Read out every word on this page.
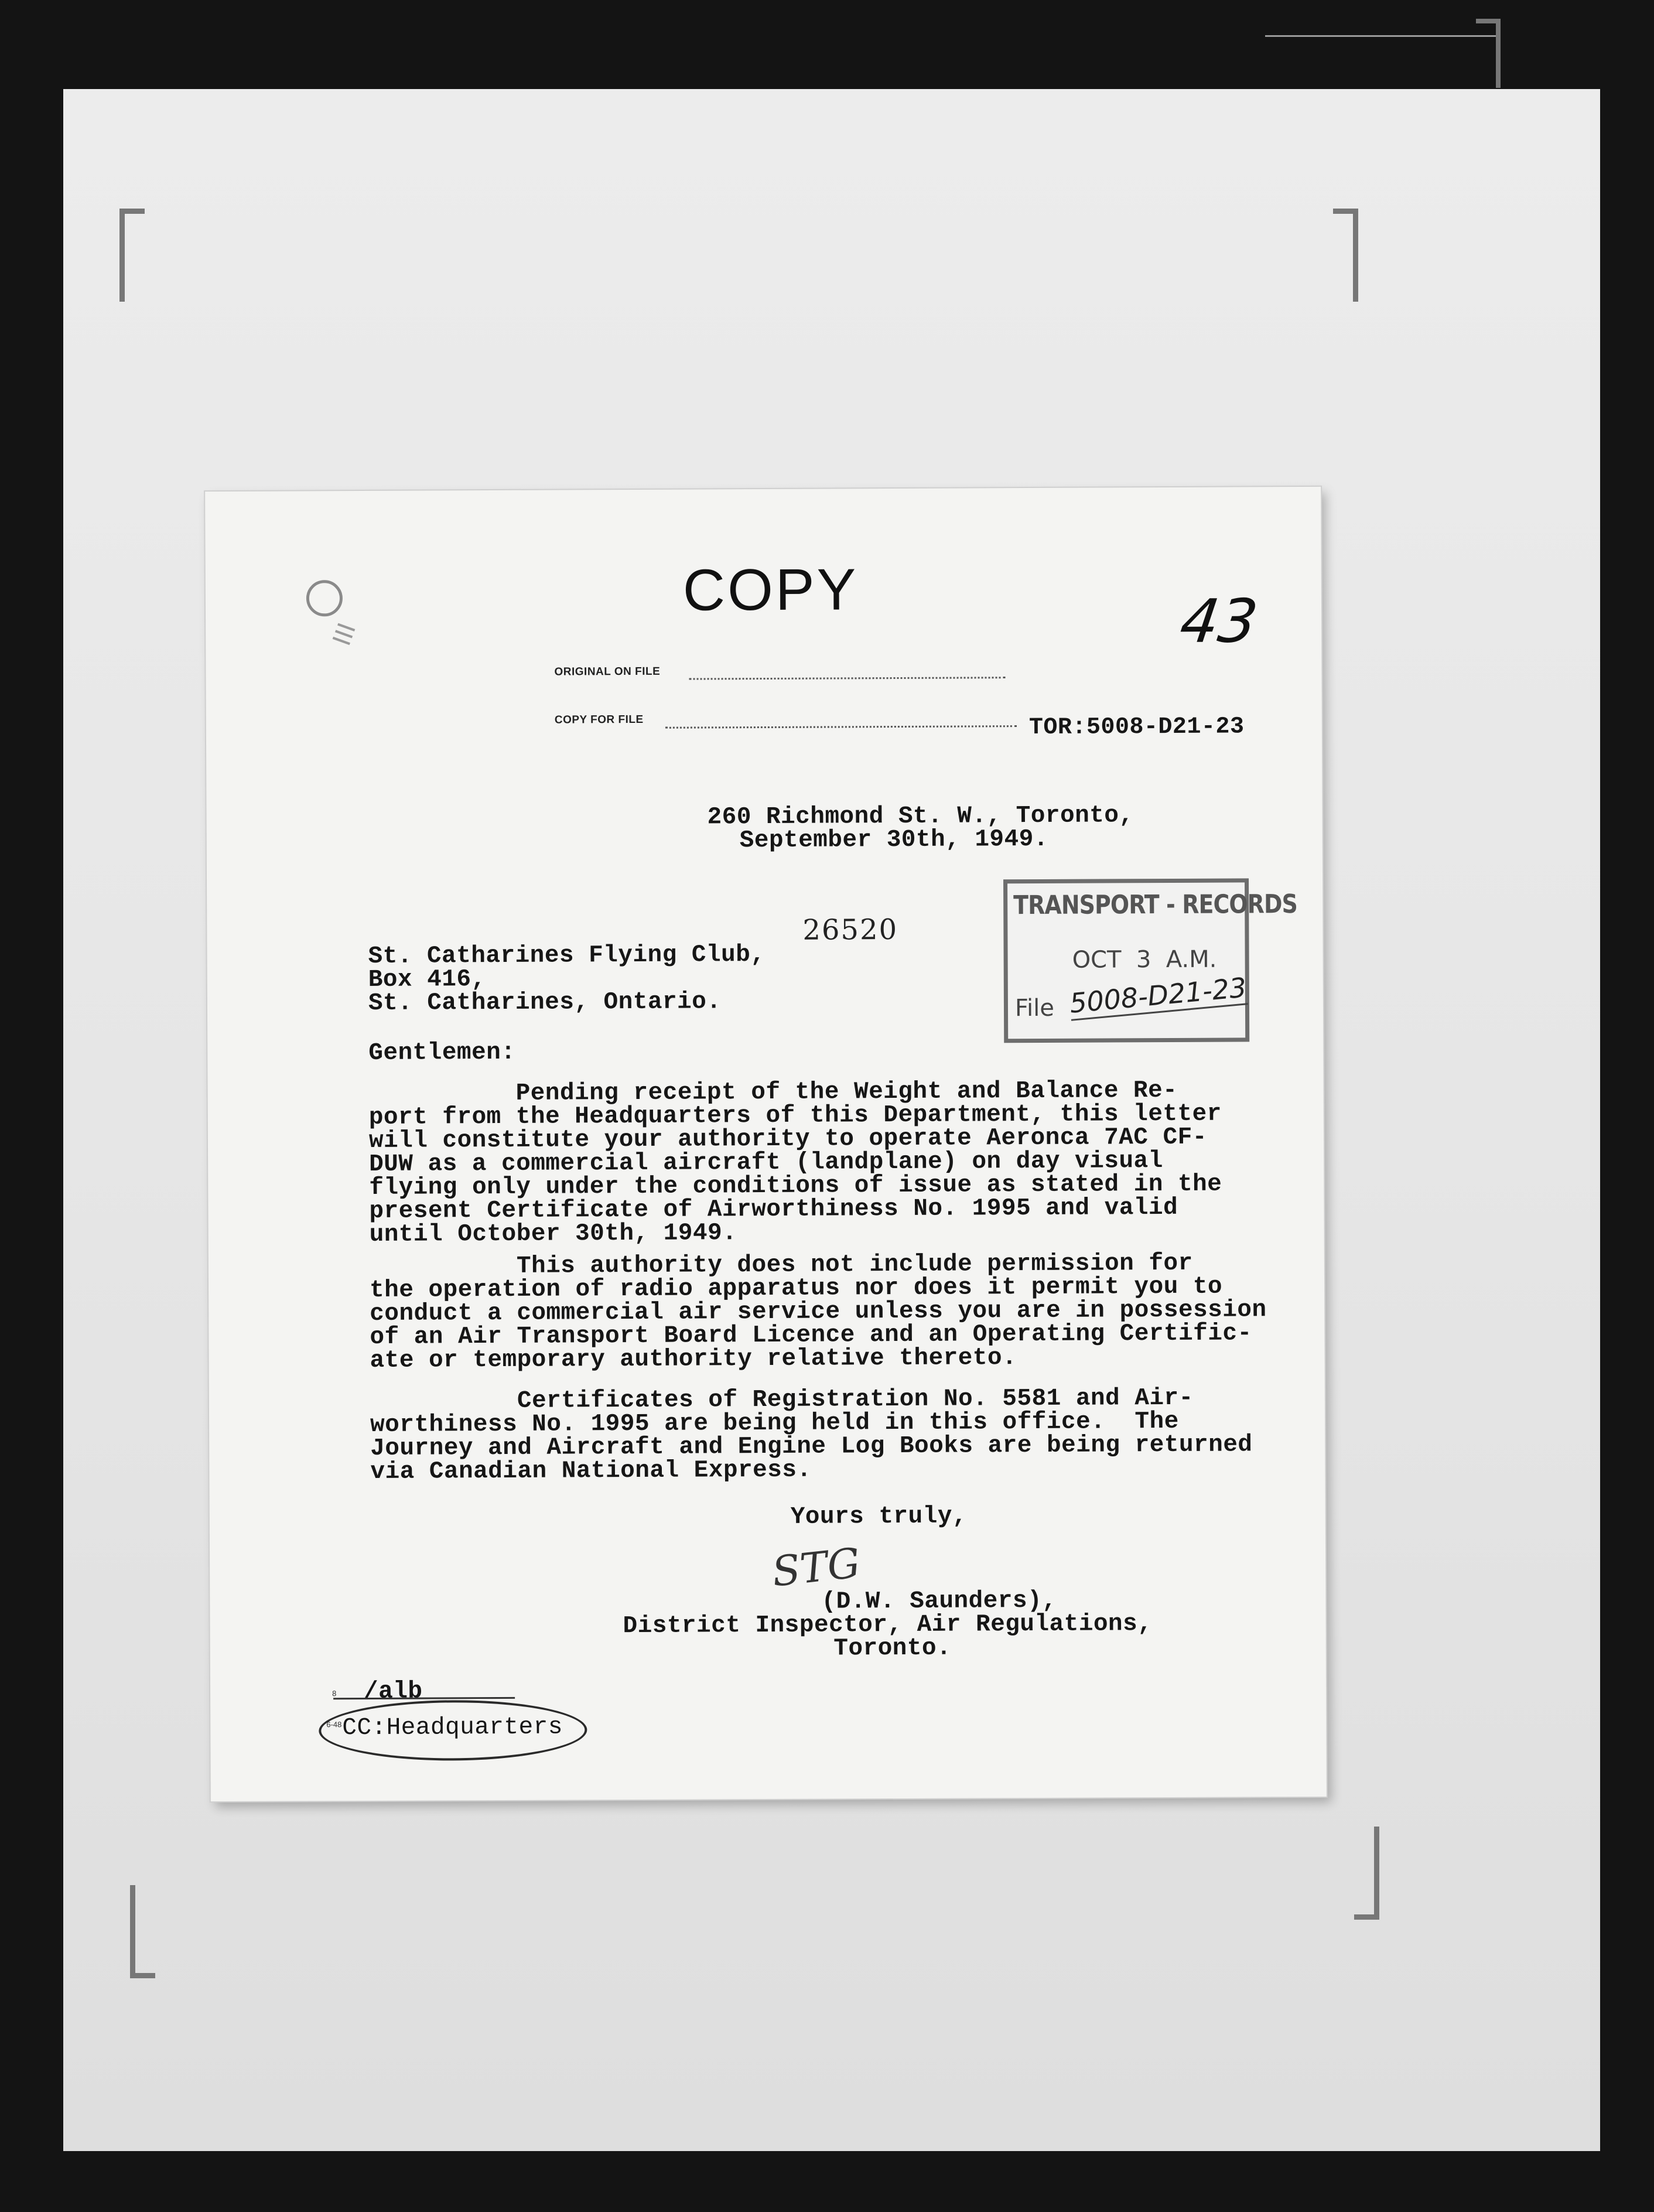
COPY	43
III
ORIGINAL ON FILE
COPY FOR FILE	TOR:5008-D21-23
260 Richmond St. W., Toronto,
September 30th, 1949.
26520
TRANSPORT - RECORDS
OCT  3  A.M.
File 5008-D21-23
St. Catharines Flying Club,
Box 416,
St. Catharines, Ontario.
Gentlemen:
Pending receipt of the Weight and Balance Re-
port from the Headquarters of this Department, this letter
will constitute your authority to operate Aeronca 7AC CF-
DUW as a commercial aircraft (landplane) on day visual
flying only under the conditions of issue as stated in the
present Certificate of Airworthiness No. 1995 and valid
until October 30th, 1949.
This authority does not include permission for
the operation of radio apparatus nor does it permit you to
conduct a commercial air service unless you are in possession
of an Air Transport Board Licence and an Operating Certific-
ate or temporary authority relative thereto.
Certificates of Registration No. 5581 and Air-
worthiness No. 1995 are being held in this office.  The
Journey and Aircraft and Engine Log Books are being returned
via Canadian National Express.
Yours truly,
STG
(D.W. Saunders),
District Inspector, Air Regulations,
Toronto.
8 /alb
6-48 CC:Headquarters
